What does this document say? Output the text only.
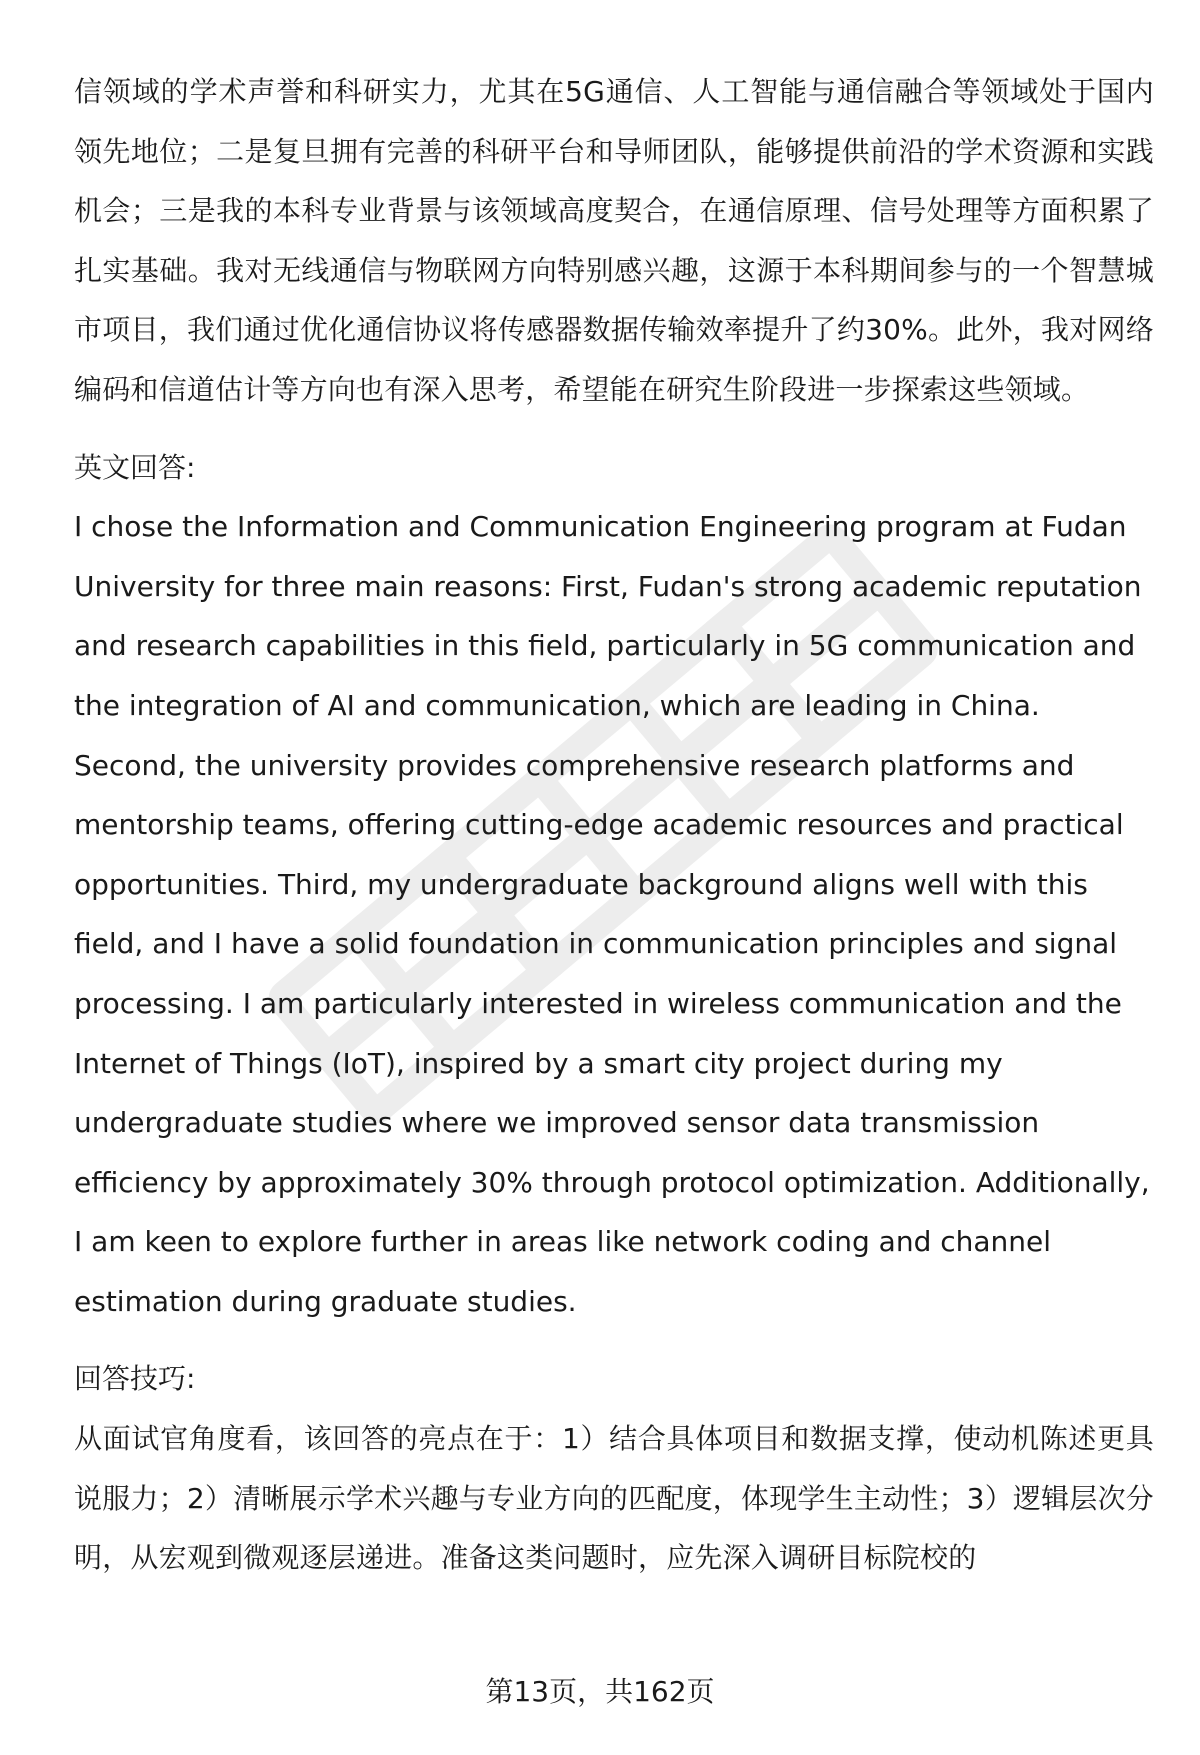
信领域的学术声誉和科研实力，尤其在5G通信、人工智能与通信融合等领域处于国内领先地位；二是复旦拥有完善的科研平台和导师团队，能够提供前沿的学术资源和实践机会；三是我的本科专业背景与该领域高度契合，在通信原理、信号处理等方面积累了扎实基础。我对无线通信与物联网方向特别感兴趣，这源于本科期间参与的一个智慧城市项目，我们通过优化通信协议将传感器数据传输效率提升了约30%。此外，我对网络编码和信道估计等方向也有深入思考，希望能在研究生阶段进一步探索这些领域。

英文回答:

I chose the Information and Communication Engineering program at Fudan University for three main reasons: First, Fudan's strong academic reputation and research capabilities in this field, particularly in 5G communication and the integration of AI and communication, which are leading in China. Second, the university provides comprehensive research platforms and mentorship teams, offering cutting-edge academic resources and practical opportunities. Third, my undergraduate background aligns well with this field, and I have a solid foundation in communication principles and signal processing. I am particularly interested in wireless communication and the Internet of Things (IoT), inspired by a smart city project during my undergraduate studies where we improved sensor data transmission efficiency by approximately 30% through protocol optimization. Additionally, I am keen to explore further in areas like network coding and channel estimation during graduate studies.

回答技巧:

从面试官角度看，该回答的亮点在于：1）结合具体项目和数据支撑，使动机陈述更具说服力；2）清晰展示学术兴趣与专业方向的匹配度，体现学生主动性；3）逻辑层次分明，从宏观到微观逐层递进。准备这类问题时，应先深入调研目标院校的

第13页，共162页
